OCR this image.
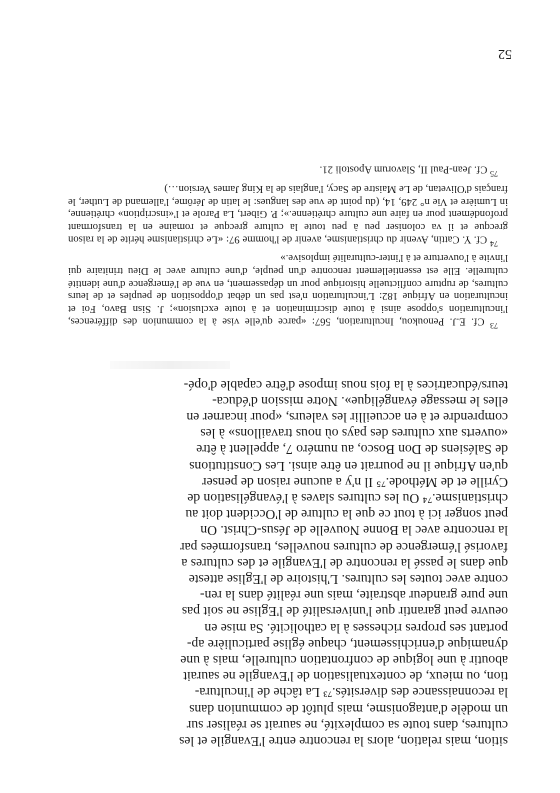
sition, mais relation, alors la rencontre entre l'Evangile et les

cultures, dans toute sa complexité, ne saurait se réaliser sur

un modèle d'antagonisme, mais plutôt de communion dans

la reconnaissance des diversités.⁷³ La tâche de l'incultura-

tion, ou mieux, de contextualisation de l'Evangile ne saurait

aboutir à une logique de confrontation culturelle, mais à une

dynamique d'enrichissement, chaque église particulière ap-

portant ses propres richesses à la catholicité. Sa mise en

oeuvre peut garantir que l'universalité de l'Eglise ne soit pas

une pure grandeur abstraite, mais une réalité dans la ren-

contre avec toutes les cultures. L'histoire de l'Eglise atteste

que dans le passé la rencontre de l'Evangile et des cultures a

favorisé l'émergence de cultures nouvelles, transformées par

la rencontre avec la Bonne Nouvelle de Jésus-Christ. On

peut songer ici à tout ce que la culture de l'Occident doit au

christianisme.⁷⁴ Ou les cultures slaves à l'évangélisation de

Cyrille et de Méthode.⁷⁵ Il n'y a aucune raison de penser

qu'en Afrique il ne pourrait en être ainsi. Les Constitutions

de Salésiens de Don Bosco, au numéro 7, appellent à être

«ouverts aux cultures des pays où nous travaillons» à les

comprendre et à en accueillir les valeurs, «pour incarner en

elles le message évangélique». Notre mission d'éduca-

teurs/éducatrices à la fois nous impose d'être capable d'opé-

$^{73}$ Cf. E.J. Penoukou, Inculturation, 567: «parce qu'elle vise à la communion des différences, l'inculturation s'oppose ainsi à toute discrimination et à toute exclusion»; J. Sisn Bavo, Foi et inculturation en Afrique 182: L'inculturation n'est pas un débat d'opposition de peuples et de leurs cultures, de rupture conflictuelle historique pour un dépassement, en vue de l'émergence d'une identité culturelle. Elle est essentiellement rencontre d'un peuple, d'une culture avec le Dieu trinitaire qui l'invite à l'ouverture et à l'inter-culturalité implosive.»

$^{74}$ Cf. Y. Cattin, Avenir du christianisme, avenir de l'homme 97: «Le christianisme hérite de la raison grecque et il va coloniser peu à peu toute la culture grecque et romaine en la transformant profondément pour en faire une culture chrétienne.»; P. Gibert, La Parole et l'«inscription» chrétienne, in Lumière et Vie n° 249, 14, (du point de vue des langues: le latin de Jérôme, l'allemand de Luther, le français d'Olivetan, de Le Maistre de Sacy, l'anglais de la King James Version…)

$^{75}$ Cf. Jean-Paul II, Slavorum Apostoli 21.

52
